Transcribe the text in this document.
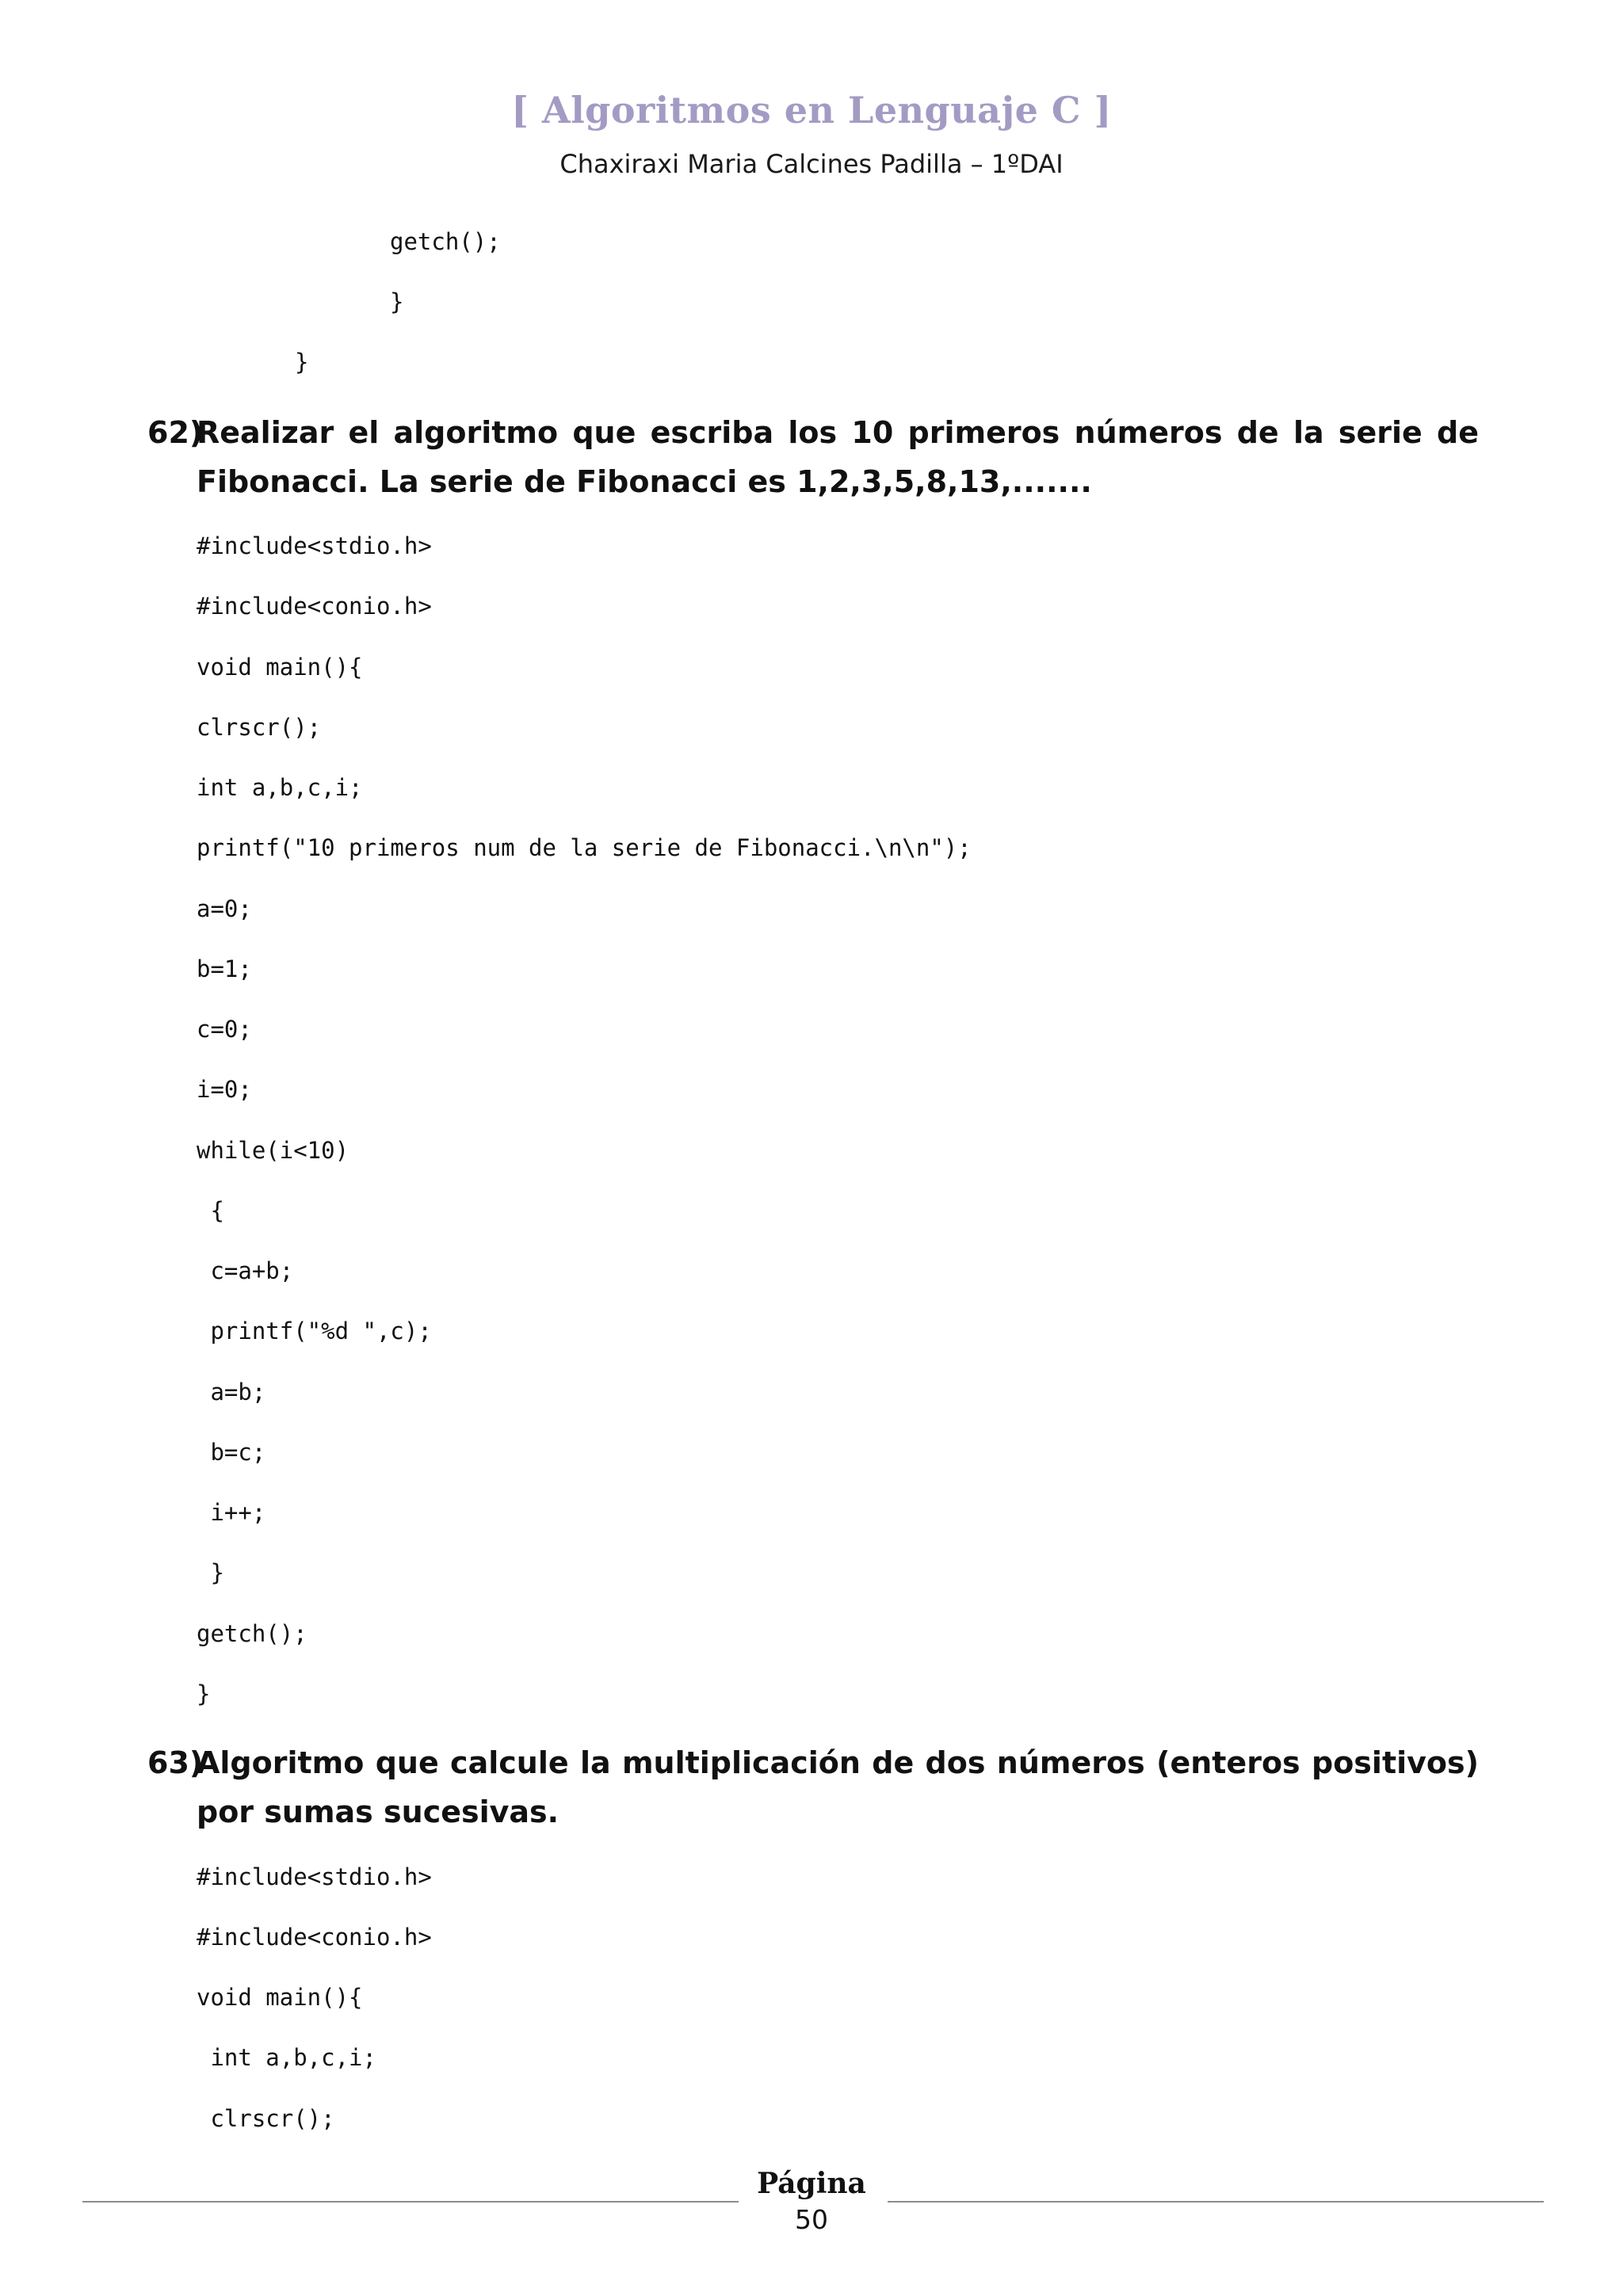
[ Algoritmos en Lenguaje C ]
Chaxiraxi Maria Calcines Padilla – 1ºDAI
getch();
}
}
62)
Realizar el algoritmo que escriba los 10 primeros números de la serie de Fibonacci. La serie de Fibonacci es 1,2,3,5,8,13,.......
#include<stdio.h>
#include<conio.h>
void main(){
clrscr();
int a,b,c,i;
printf("10 primeros num de la serie de Fibonacci.\n\n");
a=0;
b=1;
c=0;
i=0;
while(i<10)
{
c=a+b;
printf("%d ",c);
a=b;
b=c;
i++;
}
getch();
}
63)
Algoritmo que calcule la multiplicación de dos números (enteros positivos) por sumas sucesivas.
#include<stdio.h>
#include<conio.h>
void main(){
int a,b,c,i;
clrscr();
Página
50
